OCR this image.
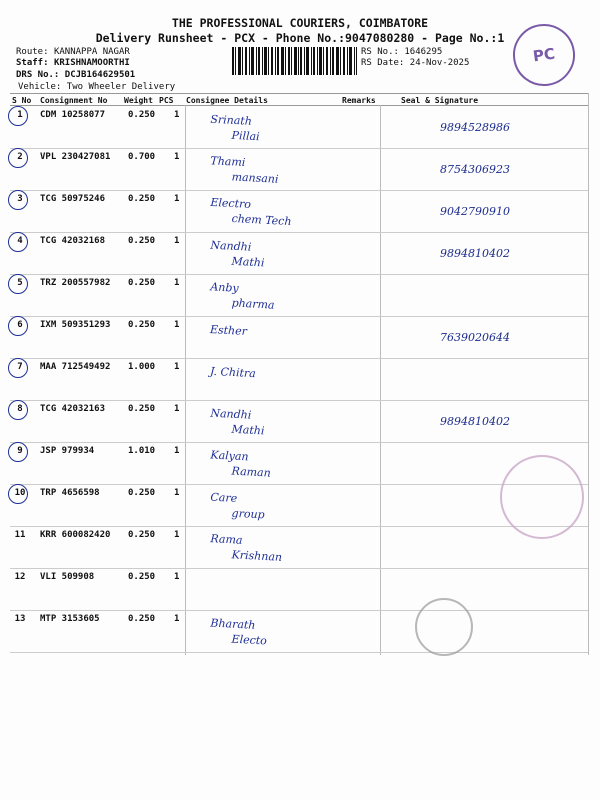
THE PROFESSIONAL COURIERS, COIMBATORE
Delivery Runsheet - PCX - Phone No.:9047080280 - Page No.:1
Route: KANNAPPA NAGAR
Staff: KRISHNAMOORTHI
DRS No.: DCJB164629501
Vehicle: Two Wheeler Delivery
RS No.: 1646295
RS Date: 24-Nov-2025	PC
S No Consignment No Weight PCS Consignee Details	Remarks	Seal & Signature
1	CDM 10258077	0.250 1	Srinath
Pillai
9894528986
2	VPL 230427081 0.700 1	Thami
mansani
8754306923
3	TCG 50975246	0.250 1	Electro
chem Tech
9042790910
4	TCG 42032168	0.250 1	Nandhi
Mathi
9894810402
5	TRZ 200557982 0.250 1	Anby
pharma
6	IXM 509351293 0.250 1	Esther	7639020644
7	MAA 712549492 1.000 1	J. Chitra
8	TCG 42032163	0.250 1	Nandhi
Mathi
9894810402
9	JSP 979934	1.010 1	Kalyan
Raman
10	TRP 4656598	0.250 1	Care
group
11	KRR 600082420 0.250 1	Rama
Krishnan
12	VLI 509908	0.250 1
13	MTP 3153605	0.250 1	Bharath
Electo
